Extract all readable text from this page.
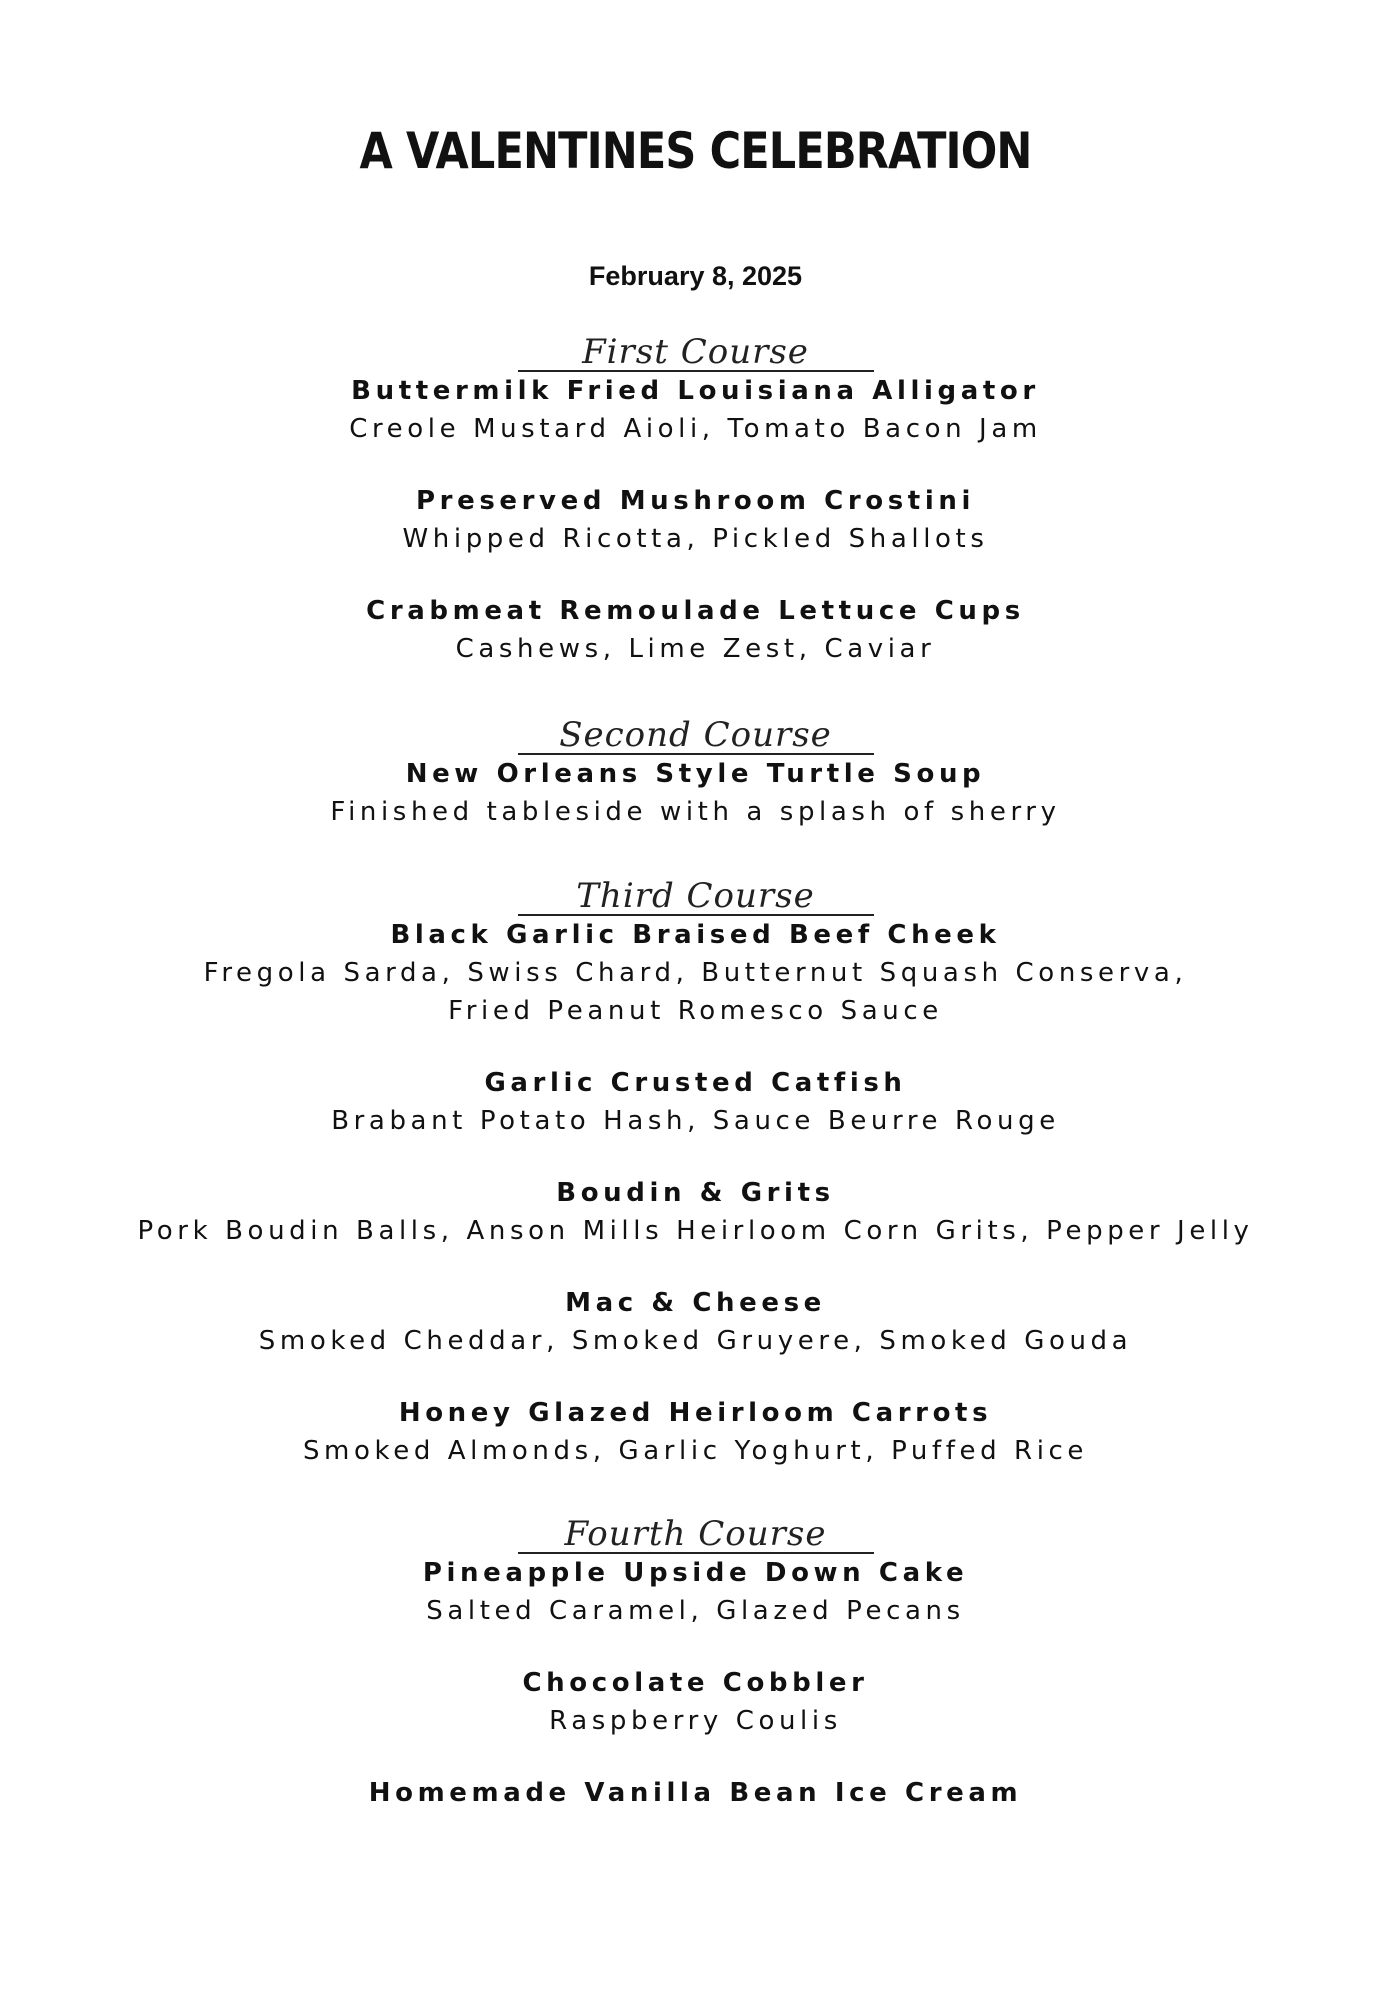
A VALENTINES CELEBRATION
February 8, 2025
First Course
Buttermilk Fried Louisiana Alligator
Creole Mustard Aioli, Tomato Bacon Jam
Preserved Mushroom Crostini
Whipped Ricotta, Pickled Shallots
Crabmeat Remoulade Lettuce Cups
Cashews, Lime Zest, Caviar
Second Course
New Orleans Style Turtle Soup
Finished tableside with a splash of sherry
Third Course
Black Garlic Braised Beef Cheek
Fregola Sarda, Swiss Chard, Butternut Squash Conserva,
Fried Peanut Romesco Sauce
Garlic Crusted Catfish
Brabant Potato Hash, Sauce Beurre Rouge
Boudin & Grits
Pork Boudin Balls, Anson Mills Heirloom Corn Grits, Pepper Jelly
Mac & Cheese
Smoked Cheddar, Smoked Gruyere, Smoked Gouda
Honey Glazed Heirloom Carrots
Smoked Almonds, Garlic Yoghurt, Puffed Rice
Fourth Course
Pineapple Upside Down Cake
Salted Caramel, Glazed Pecans
Chocolate Cobbler
Raspberry Coulis
Homemade Vanilla Bean Ice Cream
